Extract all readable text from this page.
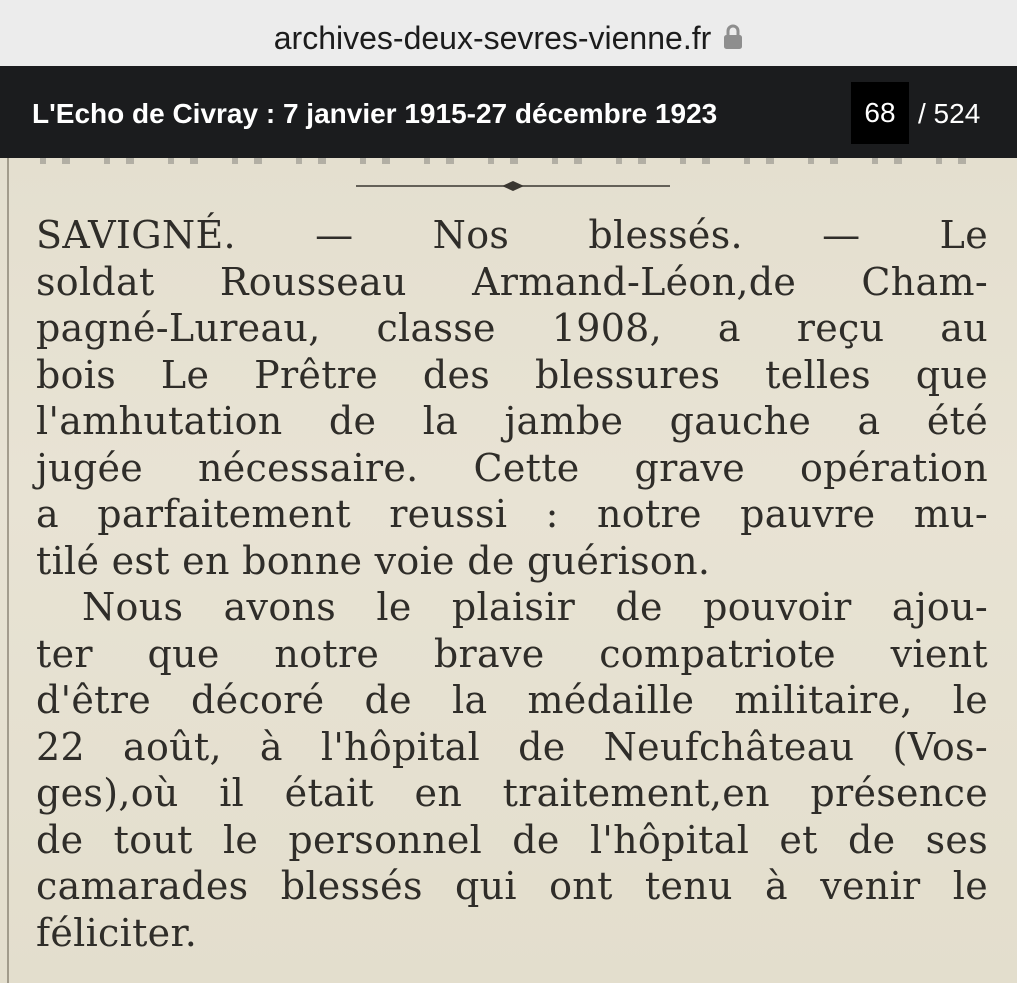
archives-deux-sevres-vienne.fr
L'Echo de Civray : 7 janvier 1915-27 décembre 1923
68	/ 524
SAVIGNÉ. — Nos blessés. — Le
soldat Rousseau Armand-Léon,de Cham-
pagné-Lureau, classe 1908, a reçu au
bois Le Prêtre des blessures telles que
l'amhutation de la jambe gauche a été
jugée nécessaire. Cette grave opération
a parfaitement reussi : notre pauvre mu-
tilé est en bonne voie de guérison.
Nous avons le plaisir de pouvoir ajou-
ter que notre brave compatriote vient
d'être décoré de la médaille militaire, le
22 août, à l'hôpital de Neufchâteau (Vos-
ges),où il était en traitement,en présence
de tout le personnel de l'hôpital et de ses
camarades blessés qui ont tenu à venir le
féliciter.
